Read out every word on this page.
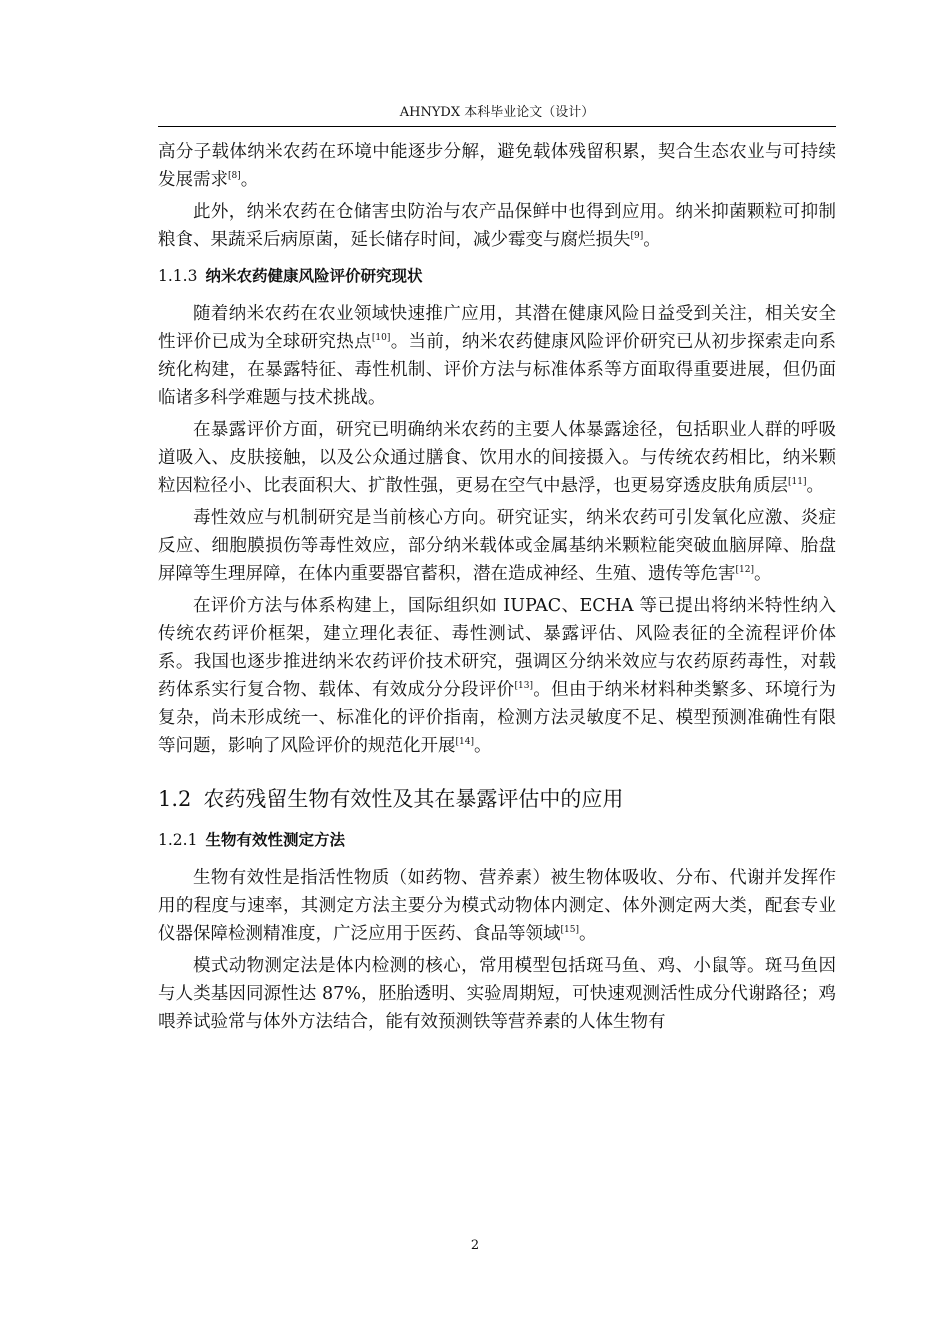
AHNYDX 本科毕业论文（设计）

高分子载体纳米农药在环境中能逐步分解，避免载体残留积累，契合生态农业与可持续发展需求[8]。

此外，纳米农药在仓储害虫防治与农产品保鲜中也得到应用。纳米抑菌颗粒可抑制粮食、果蔬采后病原菌，延长储存时间，减少霉变与腐烂损失[9]。

1.1.3 纳米农药健康风险评价研究现状

随着纳米农药在农业领域快速推广应用，其潜在健康风险日益受到关注，相关安全性评价已成为全球研究热点[10]。当前，纳米农药健康风险评价研究已从初步探索走向系统化构建，在暴露特征、毒性机制、评价方法与标准体系等方面取得重要进展，但仍面临诸多科学难题与技术挑战。

在暴露评价方面，研究已明确纳米农药的主要人体暴露途径，包括职业人群的呼吸道吸入、皮肤接触，以及公众通过膳食、饮用水的间接摄入。与传统农药相比，纳米颗粒因粒径小、比表面积大、扩散性强，更易在空气中悬浮，也更易穿透皮肤角质层[11]。

毒性效应与机制研究是当前核心方向。研究证实，纳米农药可引发氧化应激、炎症反应、细胞膜损伤等毒性效应，部分纳米载体或金属基纳米颗粒能突破血脑屏障、胎盘屏障等生理屏障，在体内重要器官蓄积，潜在造成神经、生殖、遗传等危害[12]。

在评价方法与体系构建上，国际组织如 IUPAC、ECHA 等已提出将纳米特性纳入传统农药评价框架，建立理化表征、毒性测试、暴露评估、风险表征的全流程评价体系。我国也逐步推进纳米农药评价技术研究，强调区分纳米效应与农药原药毒性，对载药体系实行复合物、载体、有效成分分段评价[13]。但由于纳米材料种类繁多、环境行为复杂，尚未形成统一、标准化的评价指南，检测方法灵敏度不足、模型预测准确性有限等问题，影响了风险评价的规范化开展[14]。

1.2 农药残留生物有效性及其在暴露评估中的应用
1.2.1 生物有效性测定方法

生物有效性是指活性物质（如药物、营养素）被生物体吸收、分布、代谢并发挥作用的程度与速率，其测定方法主要分为模式动物体内测定、体外测定两大类，配套专业仪器保障检测精准度，广泛应用于医药、食品等领域[15]。

模式动物测定法是体内检测的核心，常用模型包括斑马鱼、鸡、小鼠等。斑马鱼因与人类基因同源性达 87%，胚胎透明、实验周期短，可快速观测活性成分代谢路径；鸡喂养试验常与体外方法结合，能有效预测铁等营养素的人体生物有

2
